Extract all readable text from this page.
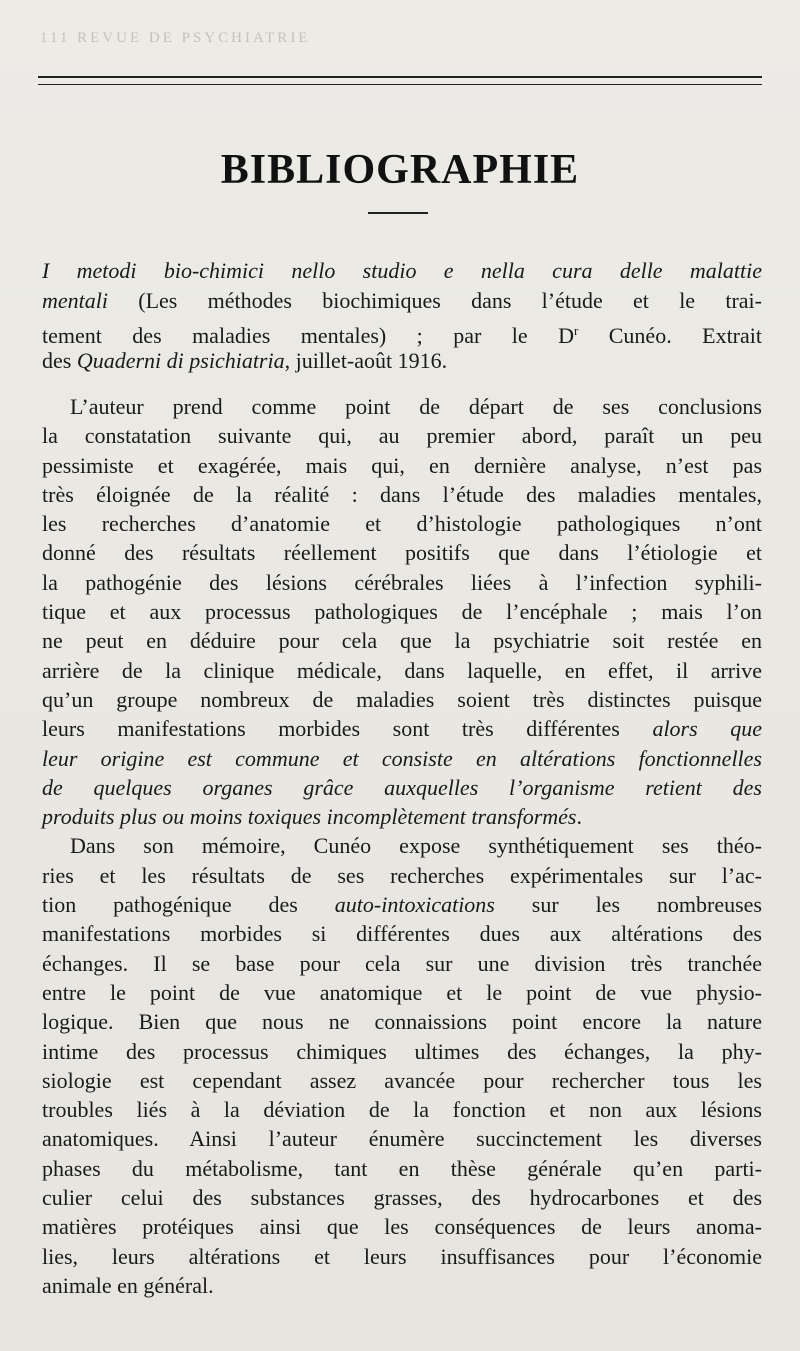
111 REVUE DE PSYCHIATRIE
BIBLIOGRAPHIE
I metodi bio-chimici nello studio e nella cura delle malattie
mentali (Les méthodes biochimiques dans l’étude et le trai-
tement des maladies mentales) ; par le $D^r$ Cunéo. Extrait
des Quaderni di psichiatria, juillet-août 1916.
L’auteur prend comme point de départ de ses conclusions
la constatation suivante qui, au premier abord, paraît un peu
pessimiste et exagérée, mais qui, en dernière analyse, n’est pas
très éloignée de la réalité : dans l’étude des maladies mentales,
les recherches d’anatomie et d’histologie pathologiques n’ont
donné des résultats réellement positifs que dans l’étiologie et
la pathogénie des lésions cérébrales liées à l’infection syphili-
tique et aux processus pathologiques de l’encéphale ; mais l’on
ne peut en déduire pour cela que la psychiatrie soit restée en
arrière de la clinique médicale, dans laquelle, en effet, il arrive
qu’un groupe nombreux de maladies soient très distinctes puisque
leurs manifestations morbides sont très différentes alors que
leur origine est commune et consiste en altérations fonctionnelles
de quelques organes grâce auxquelles l’organisme retient des
produits plus ou moins toxiques incomplètement transformés.
Dans son mémoire, Cunéo expose synthétiquement ses théo-
ries et les résultats de ses recherches expérimentales sur l’ac-
tion pathogénique des auto-intoxications sur les nombreuses
manifestations morbides si différentes dues aux altérations des
échanges. Il se base pour cela sur une division très tranchée
entre le point de vue anatomique et le point de vue physio-
logique. Bien que nous ne connaissions point encore la nature
intime des processus chimiques ultimes des échanges, la phy-
siologie est cependant assez avancée pour rechercher tous les
troubles liés à la déviation de la fonction et non aux lésions
anatomiques. Ainsi l’auteur énumère succinctement les diverses
phases du métabolisme, tant en thèse générale qu’en parti-
culier celui des substances grasses, des hydrocarbones et des
matières protéiques ainsi que les conséquences de leurs anoma-
lies, leurs altérations et leurs insuffisances pour l’économie
animale en général.
